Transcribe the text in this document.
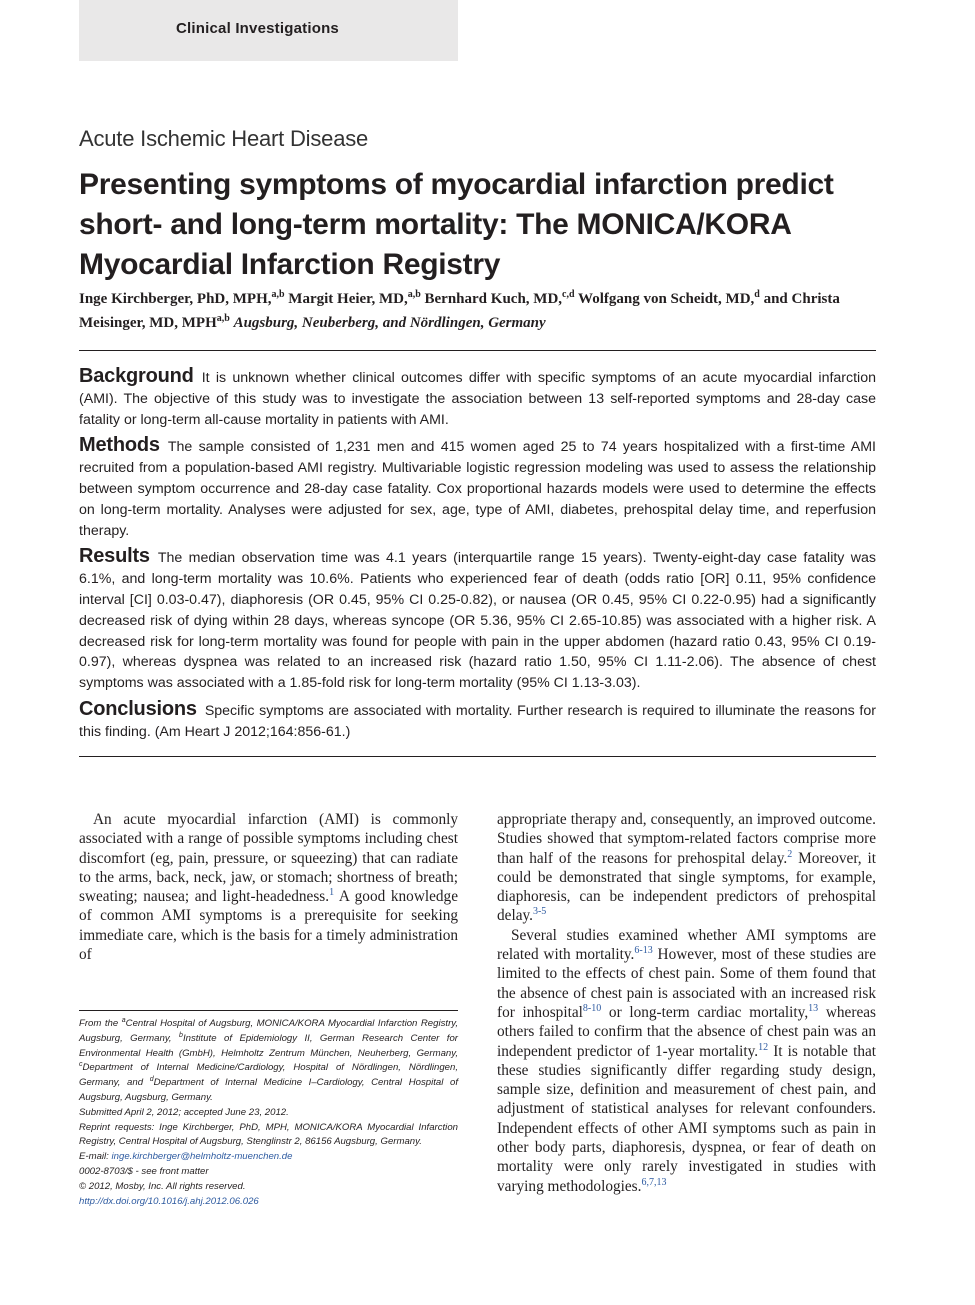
Clinical Investigations
Acute Ischemic Heart Disease
Presenting symptoms of myocardial infarction predict short- and long-term mortality: The MONICA/KORA Myocardial Infarction Registry
Inge Kirchberger, PhD, MPH,$^{a,b}$ Margit Heier, MD,$^{a,b}$ Bernhard Kuch, MD,$^{c,d}$ Wolfgang von Scheidt, MD,$^d$ and Christa Meisinger, MD, MPH$^{a,b}$ Augsburg, Neuberberg, and Nördlingen, Germany

Background It is unknown whether clinical outcomes differ with specific symptoms of an acute myocardial infarction (AMI). The objective of this study was to investigate the association between 13 self-reported symptoms and 28-day case fatality or long-term all-cause mortality in patients with AMI.

Methods The sample consisted of 1,231 men and 415 women aged 25 to 74 years hospitalized with a first-time AMI recruited from a population-based AMI registry. Multivariable logistic regression modeling was used to assess the relationship between symptom occurrence and 28-day case fatality. Cox proportional hazards models were used to determine the effects on long-term mortality. Analyses were adjusted for sex, age, type of AMI, diabetes, prehospital delay time, and reperfusion therapy.

Results The median observation time was 4.1 years (interquartile range 15 years). Twenty-eight-day case fatality was 6.1%, and long-term mortality was 10.6%. Patients who experienced fear of death (odds ratio [OR] 0.11, 95% confidence interval [CI] 0.03-0.47), diaphoresis (OR 0.45, 95% CI 0.25-0.82), or nausea (OR 0.45, 95% CI 0.22-0.95) had a significantly decreased risk of dying within 28 days, whereas syncope (OR 5.36, 95% CI 2.65-10.85) was associated with a higher risk. A decreased risk for long-term mortality was found for people with pain in the upper abdomen (hazard ratio 0.43, 95% CI 0.19-0.97), whereas dyspnea was related to an increased risk (hazard ratio 1.50, 95% CI 1.11-2.06). The absence of chest symptoms was associated with a 1.85-fold risk for long-term mortality (95% CI 1.13-3.03).

Conclusions Specific symptoms are associated with mortality. Further research is required to illuminate the reasons for this finding. (Am Heart J 2012;164:856-61.)

An acute myocardial infarction (AMI) is commonly associated with a range of possible symptoms including chest discomfort (eg, pain, pressure, or squeezing) that can radiate to the arms, back, neck, jaw, or stomach; shortness of breath; sweating; nausea; and light-headedness.$^1$ A good knowledge of common AMI symptoms is a prerequisite for seeking immediate care, which is the basis for a timely administration of

From the $^a$Central Hospital of Augsburg, MONICA/KORA Myocardial Infarction Registry, Augsburg, Germany, $^b$Institute of Epidemiology II, German Research Center for Environmental Health (GmbH), Helmholtz Zentrum München, Neuherberg, Germany, $^c$Department of Internal Medicine/Cardiology, Hospital of Nördlingen, Nördlingen, Germany, and $^d$Department of Internal Medicine I–Cardiology, Central Hospital of Augsburg, Augsburg, Germany.
Submitted April 2, 2012; accepted June 23, 2012.
Reprint requests: Inge Kirchberger, PhD, MPH, MONICA/KORA Myocardial Infarction Registry, Central Hospital of Augsburg, Stenglinstr 2, 86156 Augsburg, Germany.
E-mail: inge.kirchberger@helmholtz-muenchen.de
0002-8703/$ - see front matter
© 2012, Mosby, Inc. All rights reserved.
http://dx.doi.org/10.1016/j.ahj.2012.06.026

appropriate therapy and, consequently, an improved outcome. Studies showed that symptom-related factors comprise more than half of the reasons for prehospital delay.$^2$ Moreover, it could be demonstrated that single symptoms, for example, diaphoresis, can be independent predictors of prehospital delay.$^{3-5}$

Several studies examined whether AMI symptoms are related with mortality.$^{6-13}$ However, most of these studies are limited to the effects of chest pain. Some of them found that the absence of chest pain is associated with an increased risk for inhospital$^{8-10}$ or long-term cardiac mortality,$^{13}$ whereas others failed to confirm that the absence of chest pain was an independent predictor of 1-year mortality.$^{12}$ It is notable that these studies significantly differ regarding study design, sample size, definition and measurement of chest pain, and adjustment of statistical analyses for relevant confounders. Independent effects of other AMI symptoms such as pain in other body parts, diaphoresis, dyspnea, or fear of death on mortality were only rarely investigated in studies with varying methodologies.$^{6,7,13}$
